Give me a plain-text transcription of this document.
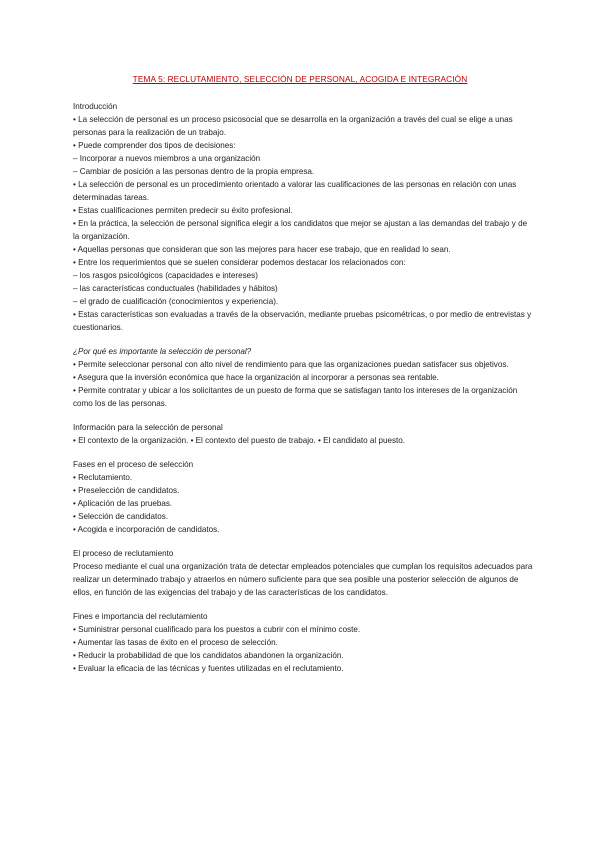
TEMA 5: RECLUTAMIENTO, SELECCIÓN DE PERSONAL, ACOGIDA E INTEGRACIÓN

Introducción

• La selección de personal es un proceso psicosocial que se desarrolla en la organización a través del cual se elige a unas personas para la realización de un trabajo.

• Puede comprender dos tipos de decisiones:

– Incorporar a nuevos miembros a una organización

– Cambiar de posición a las personas dentro de la propia empresa.

• La selección de personal es un procedimiento orientado a valorar las cualificaciones de las personas en relación con unas determinadas tareas.

• Estas cualificaciones permiten predecir su éxito profesional.

• En la práctica, la selección de personal significa elegir a los candidatos que mejor se ajustan a las demandas del trabajo y de la organización.

• Aquellas personas que consideran que son las mejores para hacer ese trabajo, que en realidad lo sean.

• Entre los requerimientos que se suelen considerar podemos destacar los relacionados con:

– los rasgos psicológicos (capacidades e intereses)

– las características conductuales (habilidades y hábitos)

– el grado de cualificación (conocimientos y experiencia).

• Estas características son evaluadas a través de la observación, mediante pruebas psicométricas, o por medio de entrevistas y cuestionarios.

¿Por qué es importante la selección de personal?

• Permite seleccionar personal con alto nivel de rendimiento para que las organizaciones puedan satisfacer sus objetivos.

• Asegura que la inversión económica que hace la organización al incorporar a personas sea rentable.

• Permite contratar y ubicar a los solicitantes de un puesto de forma que se satisfagan tanto los intereses de la organización como los de las personas.

Información para la selección de personal

• El contexto de la organización. • El contexto del puesto de trabajo. • El candidato al puesto.

Fases en el proceso de selección

• Reclutamiento.

• Preselección de candidatos.

• Aplicación de las pruebas.

• Selección de candidatos.

• Acogida e incorporación de candidatos.

El proceso de reclutamiento

Proceso mediante el cual una organización trata de detectar empleados potenciales que cumplan los requisitos adecuados para realizar un determinado trabajo y atraerlos en número suficiente para que sea posible una posterior selección de algunos de ellos, en función de las exigencias del trabajo y de las características de los candidatos.

Fines e importancia del reclutamiento

• Suministrar personal cualificado para los puestos a cubrir con el mínimo coste.

• Aumentar las tasas de éxito en el proceso de selección.

• Reducir la probabilidad de que los candidatos abandonen la organización.

• Evaluar la eficacia de las técnicas y fuentes utilizadas en el reclutamiento.
